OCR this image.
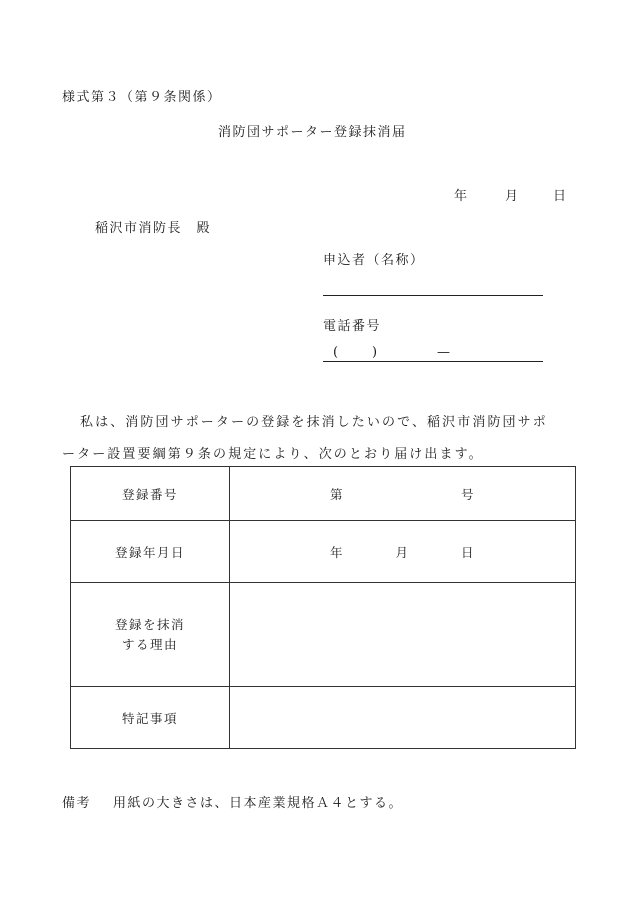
様式第３（第９条関係）
消防団サポーター登録抹消届
年	月	日
稲沢市消防長　殿
申込者（名称）
電話番号
( )	—
私は、消防団サポーターの登録を抹消したいので、稲沢市消防団サポ
ーター設置要綱第９条の規定により、次のとおり届け出ます。
登 録 番 号	第 号

登録年月日	年 月 日

登録を抹消
する理由	

特 記 事 項	

備考 用紙の大きさは、日本産業規格Ａ４とする。
